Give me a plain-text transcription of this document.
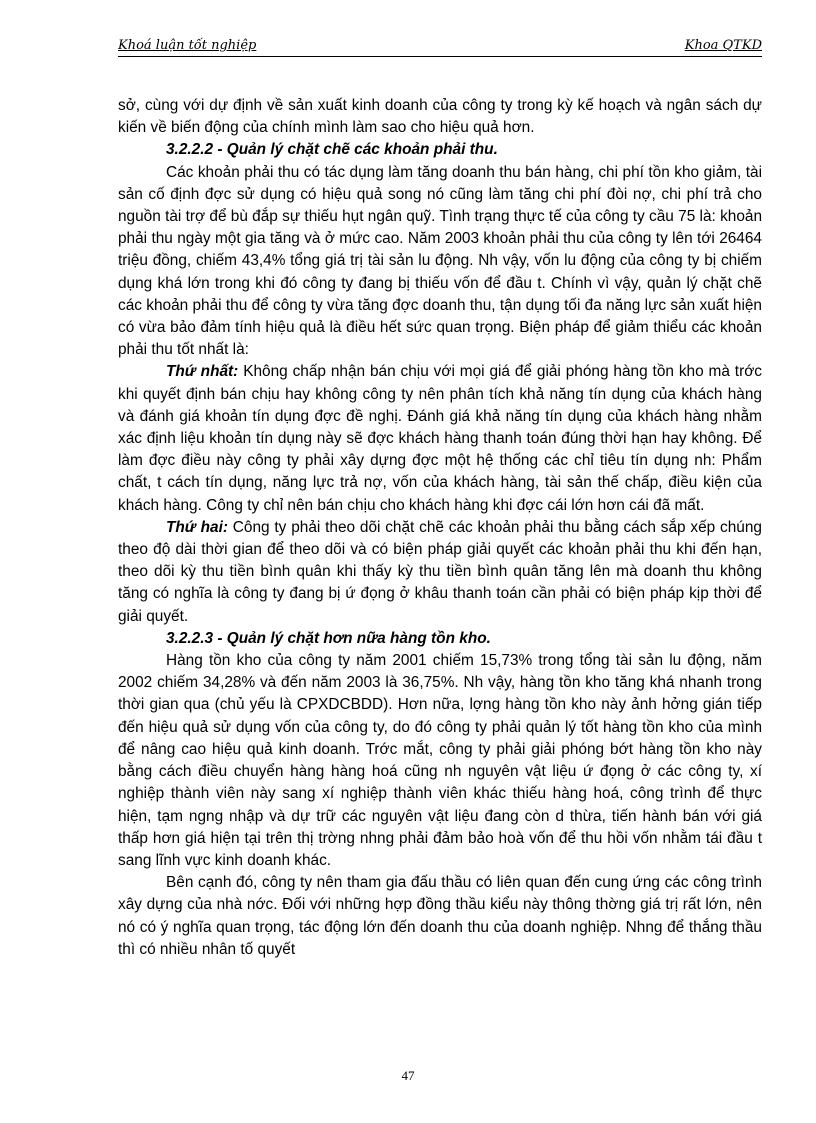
Khoá luận tốt nghiệp	Khoa QTKD

sở, cùng với dự định về sản xuất kinh doanh của công ty trong kỳ kế hoạch và ngân sách dự kiến về biến động của chính mình làm sao cho hiệu quả hơn.

3.2.2.2 - Quản lý chặt chẽ các khoản phải thu.

Các khoản phải thu có tác dụng làm tăng doanh thu bán hàng, chi phí tồn kho giảm, tài sản cố định đợc sử dụng có hiệu quả song nó cũng làm tăng chi phí đòi nợ, chi phí trả cho nguồn tài trợ để bù đắp sự thiếu hụt ngân quỹ. Tình trạng thực tế của công ty cầu 75 là: khoản phải thu ngày một gia tăng và ở mức cao. Năm 2003 khoản phải thu của công ty lên tới 26464 triệu đồng, chiếm 43,4% tổng giá trị tài sản lu động. Nh vậy, vốn lu động của công ty bị chiếm dụng khá lớn trong khi đó công ty đang bị thiếu vốn để đầu t. Chính vì vậy, quản lý chặt chẽ các khoản phải thu để công ty vừa tăng đợc doanh thu, tận dụng tối đa năng lực sản xuất hiện có vừa bảo đảm tính hiệu quả là điều hết sức quan trọng. Biện pháp để giảm thiểu các khoản phải thu tốt nhất là:

Thứ nhất: Không chấp nhận bán chịu với mọi giá để giải phóng hàng tồn kho mà trớc khi quyết định bán chịu hay không công ty nên phân tích khả năng tín dụng của khách hàng và đánh giá khoản tín dụng đợc đề nghị. Đánh giá khả năng tín dụng của khách hàng nhằm xác định liệu khoản tín dụng này sẽ đợc khách hàng thanh toán đúng thời hạn hay không. Để làm đợc điều này công ty phải xây dựng đợc một hệ thống các chỉ tiêu tín dụng nh: Phẩm chất, t cách tín dụng, năng lực trả nợ, vốn của khách hàng, tài sản thế chấp, điều kiện của khách hàng. Công ty chỉ nên bán chịu cho khách hàng khi đợc cái lớn hơn cái đã mất.

Thứ hai: Công ty phải theo dõi chặt chẽ các khoản phải thu bằng cách sắp xếp chúng theo độ dài thời gian để theo dõi và có biện pháp giải quyết các khoản phải thu khi đến hạn, theo dõi kỳ thu tiền bình quân khi thấy kỳ thu tiền bình quân tăng lên mà doanh thu không tăng có nghĩa là công ty đang bị ứ đọng ở khâu thanh toán cần phải có biện pháp kịp thời để giải quyết.

3.2.2.3 - Quản lý chặt hơn nữa hàng tồn kho.

Hàng tồn kho của công ty năm 2001 chiếm 15,73% trong tổng tài sản lu động, năm 2002 chiếm 34,28% và đến năm 2003 là 36,75%. Nh vậy, hàng tồn kho tăng khá nhanh trong thời gian qua (chủ yếu là CPXDCBDD). Hơn nữa, lợng hàng tồn kho này ảnh hởng gián tiếp đến hiệu quả sử dụng vốn của công ty, do đó công ty phải quản lý tốt hàng tồn kho của mình để nâng cao hiệu quả kinh doanh. Trớc mắt, công ty phải giải phóng bớt hàng tồn kho này bằng cách điều chuyển hàng hàng hoá cũng nh nguyên vật liệu ứ đọng ở các công ty, xí nghiệp thành viên này sang xí nghiệp thành viên khác thiếu hàng hoá, công trình để thực hiện, tạm ngng nhập và dự trữ các nguyên vật liệu đang còn d thừa, tiến hành bán với giá thấp hơn giá hiện tại trên thị trờng nhng phải đảm bảo hoà vốn để thu hồi vốn nhằm tái đầu t sang lĩnh vực kinh doanh khác.

Bên cạnh đó, công ty nên tham gia đấu thầu có liên quan đến cung ứng các công trình xây dựng của nhà nớc. Đối với những hợp đồng thầu kiểu này thông thờng giá trị rất lớn, nên nó có ý nghĩa quan trọng, tác động lớn đến doanh thu của doanh nghiệp. Nhng để thắng thầu thì có nhiều nhân tố quyết

47
